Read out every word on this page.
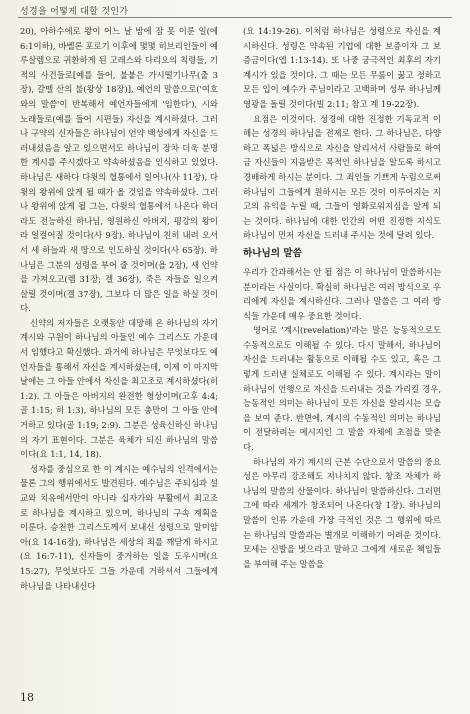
성경을 어떻게 대할 것인가

20), 아하수에로 왕이 어느 날 밤에 잠 못 이룬 일(에 6:1이하), 바벨론 포로기 이후에 몇몇 히브리인들이 예루살렘으로 귀환하게 된 고레스와 다리오의 칙령들, 기적의 사건들로[예를 들어, 불붙은 가시떨기나무(출 3장), 갈멜 산의 불(왕상 18장)], 예언의 말씀으로('여호와의 말씀'이 반복해서 예언자들에게 '임한다'), 시와 노래들로(예를 들어 시편들) 자신을 계시하셨다. 그러나 구약의 신자들은 하나님이 언약 백성에게 자신을 드러내셨음을 알고 있으면서도 하나님이 장차 더욱 분명한 계시를 주시겠다고 약속하셨음을 인식하고 있었다. 하나님은 새하다 다윗의 혈통에서 일어나(사 11장), 다윗의 왕위에 앉게 될 때가 올 것임을 약속하셨다. 그러나 왕위에 앉게 될 그는, 다윗의 혈통에서 나온다 하더라도 전능하신 하나님, 영원하신 아버지, 평강의 왕이라 일컬어질 것이다(사 9장). 하나님이 친히 내려 오셔서 세 하늘과 새 땅으로 인도하실 것이다(사 65장). 하나님은 그분의 성령을 부어 줄 것이며(욜 2장), 새 언약을 가져오고(렘 31장; 겔 36장), 죽은 자들을 일으켜 살릴 것이며(겔 37장), 그보다 더 많은 일을 하실 것이다.

신약의 저자들은 오랫동안 대망해 온 하나님의 자기 계시와 구원이 하나님의 아들인 예수 그리스도 가운데서 임했다고 확신했다. 과거에 하나님은 무엇보다도 예언자들을 통해서 자신을 계시하셨는데, 이제 이 마지막 날에는 그 아들 안에서 자신을 최고조로 계시하셨다(히 1:2). 그 아들은 아버지의 완전한 형상이며(고후 4:4; 골 1:15; 히 1:3), 하나님의 모든 충만이 그 아들 안에 거하고 있다(골 1:19; 2:9). 그분은 성육신하신 하나님의 자기 표현이다. 그분은 육체가 되신 하나님의 말씀이다(요 1:1, 14, 18).

성자를 중심으로 한 이 계시는 예수님의 인격에서는 물론 그의 행위에서도 발견된다. 예수님은 주되심과 설교와 치유에서만이 아니라 십자가와 부활에서 최고조로 하나님을 계시하고 있으며, 하나님의 구속 계획을 이룬다. 승천한 그리스도께서 보내신 성령으로 말미암아(요 14-16장), 하나님은 세상의 죄를 깨닫게 하시고(요 16:7-11), 신자들이 중거하는 일을 도우시며(요 15:27), 무엇보다도 그들 가운데 거하셔서 그들에게 하나님을 나타내신다

(요 14:19-26). 이처럼 하나님은 성령으로 자신을 계시하신다. 성령은 약속된 기업에 대한 보증이자 그 보증금이다(엡 1:13-14). 또 나중 궁극적인 최후의 자기 계시가 있을 것이다. 그 때는 모든 무릎이 꿇고 정하고 모든 입이 예수가 주님이라고 고백하며 성부 하나님께 영광을 돌릴 것이다(빌 2:11; 참고 계 19-22장).

요점은 이것이다. 성경에 대한 진정한 기독교적 이해는 성경의 하나님을 전제로 한다. 그 하나님은, 다양하고 폭넓은 방식으로 자신을 알리셔서 사람들로 하여금 자신들이 지음받은 목적인 하나님을 알도록 하시고 경배하게 하시는 분이다. 그 죄인들 기쁘게 누림으로써 하나님이 그들에게 원하시는 모든 것이 이루어지는 지고의 유익을 누릴 때, 그들이 영화로워지심을 알게 되는 것이다. 하나님에 대한 인간의 어떤 진정한 지식도 하나님이 먼저 자신을 드러내 주시는 것에 달려 있다.

하나님의 말씀

우리가 간과해서는 안 될 점은 이 하나님이 말씀하시는 분이라는 사실이다. 확실히 하나님은 여러 방식으로 우리에게 자신을 계시하신다. 그러나 말씀은 그 여러 방식들 가운데 매우 중요한 것이다.

영어로 '계시(revelation)'라는 말은 능동적으로도 수동적으로도 이해될 수 있다. 다시 말해서, 하나님이 자신을 드러내는 활동으로 이해될 수도 있고, 혹은 그렇게 드러낸 실체로도 이해될 수 있다. 계시라는 말이 하나님이 언행으로 자신을 드러내는 것을 가리킬 경우, 능동적인 의미는 하나님이 모든 자신을 알리시는 모습을 보여 준다. 반면에, 계시의 수동적인 의미는 하나님이 전달하려는 메시지인 그 말씀 자체에 초점을 맞춘다.

하나님의 자기 계시의 근본 수단으로서 말씀의 중요성은 아무리 강조해도 지나치지 않다. 창조 자체가 하나님의 말씀의 산물이다. 하나님이 말씀하신다. 그러면 그에 따라 세계가 창조되어 나온다(창 1장). 하나님의 말씀이 인류 가운데 가장 극적인 것은 그 행위에 따르는 하나님의 말씀과는 별개로 이해하기 어려운 것이다. 모세는 신발을 벗으라고 말하고 그에게 새로운 책임들을 부여해 주는 말씀을

18
